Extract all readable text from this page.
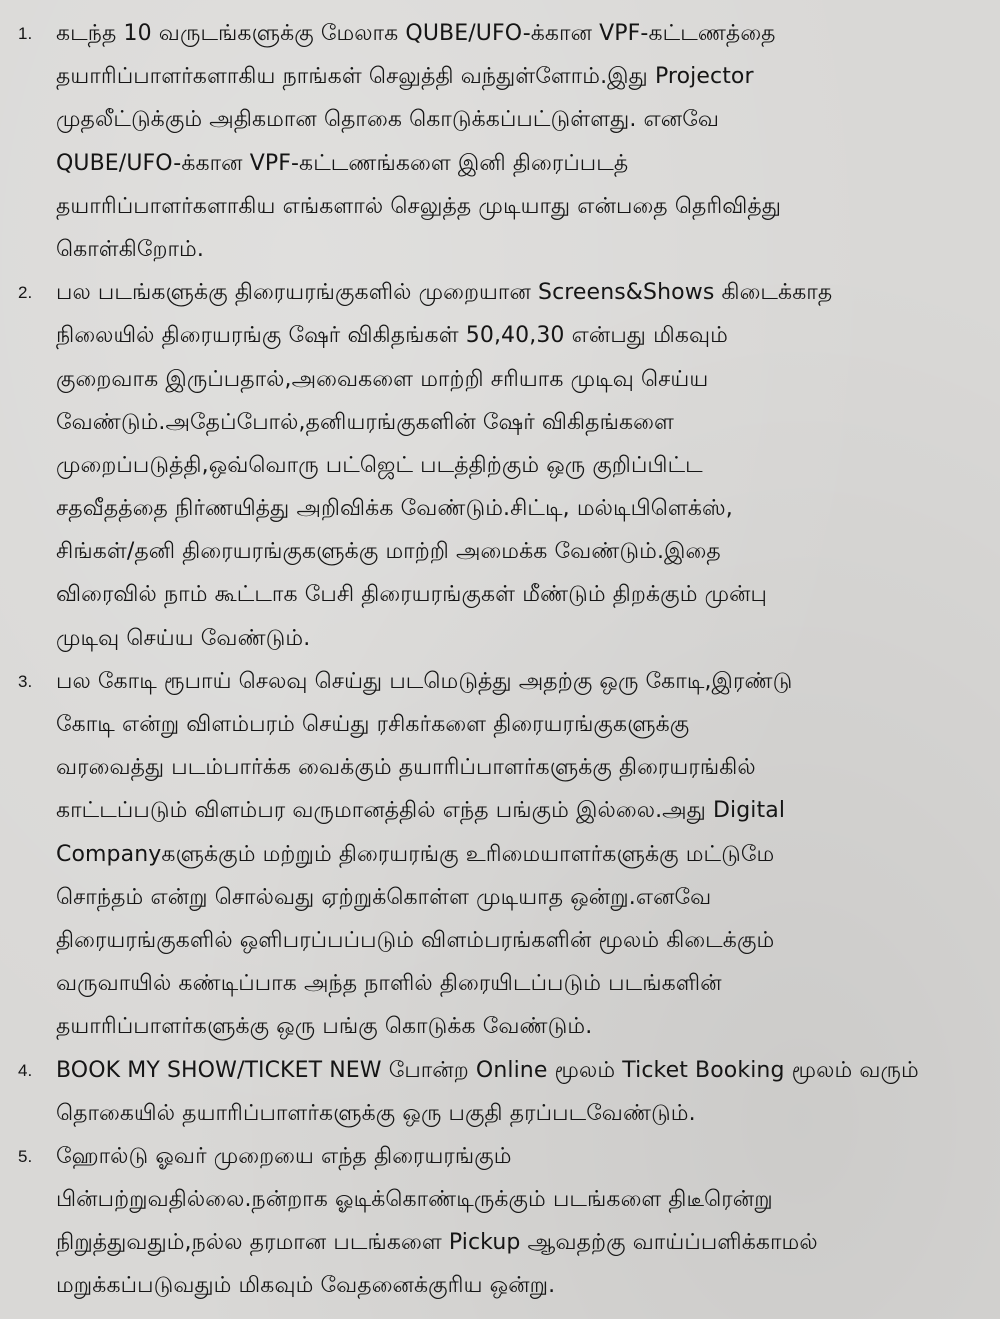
1.	கடந்த 10 வருடங்களுக்கு மேலாக QUBE/UFO-க்கான VPF-கட்டணத்தை
தயாரிப்பாளர்களாகிய நாங்கள் செலுத்தி வந்துள்ளோம்.இது Projector
முதலீட்டுக்கும் அதிகமான தொகை கொடுக்கப்பட்டுள்ளது. எனவே
QUBE/UFO-க்கான VPF-கட்டணங்களை இனி திரைப்படத்
தயாரிப்பாளர்களாகிய எங்களால் செலுத்த முடியாது என்பதை தெரிவித்து
கொள்கிறோம்.
2.	பல படங்களுக்கு திரையரங்குகளில் முறையான Screens&Shows கிடைக்காத
நிலையில் திரையரங்கு ஷேர் விகிதங்கள் 50,40,30 என்பது மிகவும்
குறைவாக இருப்பதால்,அவைகளை மாற்றி சரியாக முடிவு செய்ய
வேண்டும்.அதேப்போல்,தனியரங்குகளின் ஷேர் விகிதங்களை
முறைப்படுத்தி,ஒவ்வொரு பட்ஜெட் படத்திற்கும் ஒரு குறிப்பிட்ட
சதவீதத்தை நிர்ணயித்து அறிவிக்க வேண்டும்.சிட்டி, மல்டிபிளெக்ஸ்,
சிங்கள்/தனி திரையரங்குகளுக்கு மாற்றி அமைக்க வேண்டும்.இதை
விரைவில் நாம் கூட்டாக பேசி திரையரங்குகள் மீண்டும் திறக்கும் முன்பு
முடிவு செய்ய வேண்டும்.
3.	பல கோடி ரூபாய் செலவு செய்து படமெடுத்து அதற்கு ஒரு கோடி,இரண்டு
கோடி என்று விளம்பரம் செய்து ரசிகர்களை திரையரங்குகளுக்கு
வரவைத்து படம்பார்க்க வைக்கும் தயாரிப்பாளர்களுக்கு திரையரங்கில்
காட்டப்படும் விளம்பர வருமானத்தில் எந்த பங்கும் இல்லை.அது Digital
Companyகளுக்கும் மற்றும் திரையரங்கு உரிமையாளர்களுக்கு மட்டுமே
சொந்தம் என்று சொல்வது ஏற்றுக்கொள்ள முடியாத ஒன்று.எனவே
திரையரங்குகளில் ஒளிபரப்பப்படும் விளம்பரங்களின் மூலம் கிடைக்கும்
வருவாயில் கண்டிப்பாக அந்த நாளில் திரையிடப்படும் படங்களின்
தயாரிப்பாளர்களுக்கு ஒரு பங்கு கொடுக்க வேண்டும்.
4.	BOOK MY SHOW/TICKET NEW போன்ற Online மூலம் Ticket Booking மூலம் வரும்
தொகையில் தயாரிப்பாளர்களுக்கு ஒரு பகுதி தரப்படவேண்டும்.
5.	ஹோல்டு ஓவர் முறையை எந்த திரையரங்கும்
பின்பற்றுவதில்லை.நன்றாக ஓடிக்கொண்டிருக்கும் படங்களை திடீரென்று
நிறுத்துவதும்,நல்ல தரமான படங்களை Pickup ஆவதற்கு வாய்ப்பளிக்காமல்
மறுக்கப்படுவதும் மிகவும் வேதனைக்குரிய ஒன்று.
